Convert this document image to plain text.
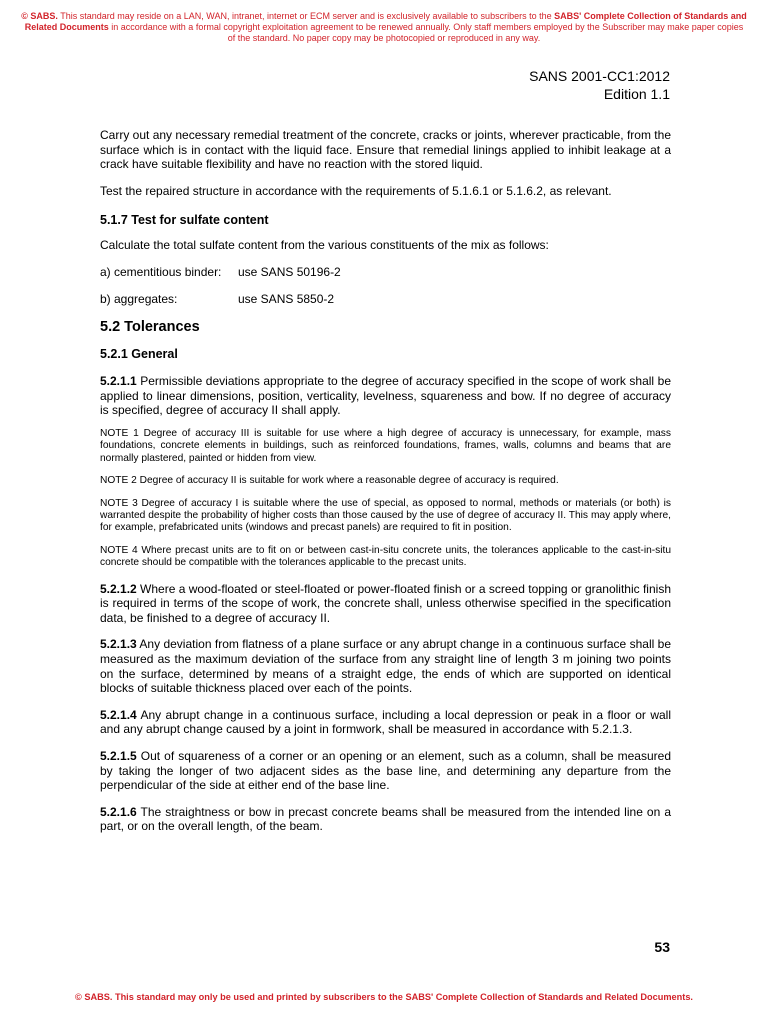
© SABS. This standard may reside on a LAN, WAN, intranet, internet or ECM server and is exclusively available to subscribers to the SABS' Complete Collection of Standards and Related Documents in accordance with a formal copyright exploitation agreement to be renewed annually. Only staff members employed by the Subscriber may make paper copies of the standard. No paper copy may be photocopied or reproduced in any way.
SANS 2001-CC1:2012
Edition 1.1

Carry out any necessary remedial treatment of the concrete, cracks or joints, wherever practicable, from the surface which is in contact with the liquid face. Ensure that remedial linings applied to inhibit leakage at a crack have suitable flexibility and have no reaction with the stored liquid.

Test the repaired structure in accordance with the requirements of 5.1.6.1 or 5.1.6.2, as relevant.

5.1.7 Test for sulfate content

Calculate the total sulfate content from the various constituents of the mix as follows:

a) cementitious binder:	use SANS 50196-2
b) aggregates:	use SANS 5850-2

5.2 Tolerances

5.2.1 General

5.2.1.1 Permissible deviations appropriate to the degree of accuracy specified in the scope of work shall be applied to linear dimensions, position, verticality, levelness, squareness and bow. If no degree of accuracy is specified, degree of accuracy II shall apply.

NOTE 1 Degree of accuracy III is suitable for use where a high degree of accuracy is unnecessary, for example, mass foundations, concrete elements in buildings, such as reinforced foundations, frames, walls, columns and beams that are normally plastered, painted or hidden from view.

NOTE 2 Degree of accuracy II is suitable for work where a reasonable degree of accuracy is required.

NOTE 3 Degree of accuracy I is suitable where the use of special, as opposed to normal, methods or materials (or both) is warranted despite the probability of higher costs than those caused by the use of degree of accuracy II. This may apply where, for example, prefabricated units (windows and precast panels) are required to fit in position.

NOTE 4 Where precast units are to fit on or between cast-in-situ concrete units, the tolerances applicable to the cast-in-situ concrete should be compatible with the tolerances applicable to the precast units.

5.2.1.2 Where a wood-floated or steel-floated or power-floated finish or a screed topping or granolithic finish is required in terms of the scope of work, the concrete shall, unless otherwise specified in the specification data, be finished to a degree of accuracy II.

5.2.1.3 Any deviation from flatness of a plane surface or any abrupt change in a continuous surface shall be measured as the maximum deviation of the surface from any straight line of length 3 m joining two points on the surface, determined by means of a straight edge, the ends of which are supported on identical blocks of suitable thickness placed over each of the points.

5.2.1.4 Any abrupt change in a continuous surface, including a local depression or peak in a floor or wall and any abrupt change caused by a joint in formwork, shall be measured in accordance with 5.2.1.3.

5.2.1.5 Out of squareness of a corner or an opening or an element, such as a column, shall be measured by taking the longer of two adjacent sides as the base line, and determining any departure from the perpendicular of the side at either end of the base line.

5.2.1.6 The straightness or bow in precast concrete beams shall be measured from the intended line on a part, or on the overall length, of the beam.

53
© SABS. This standard may only be used and printed by subscribers to the SABS' Complete Collection of Standards and Related Documents.
